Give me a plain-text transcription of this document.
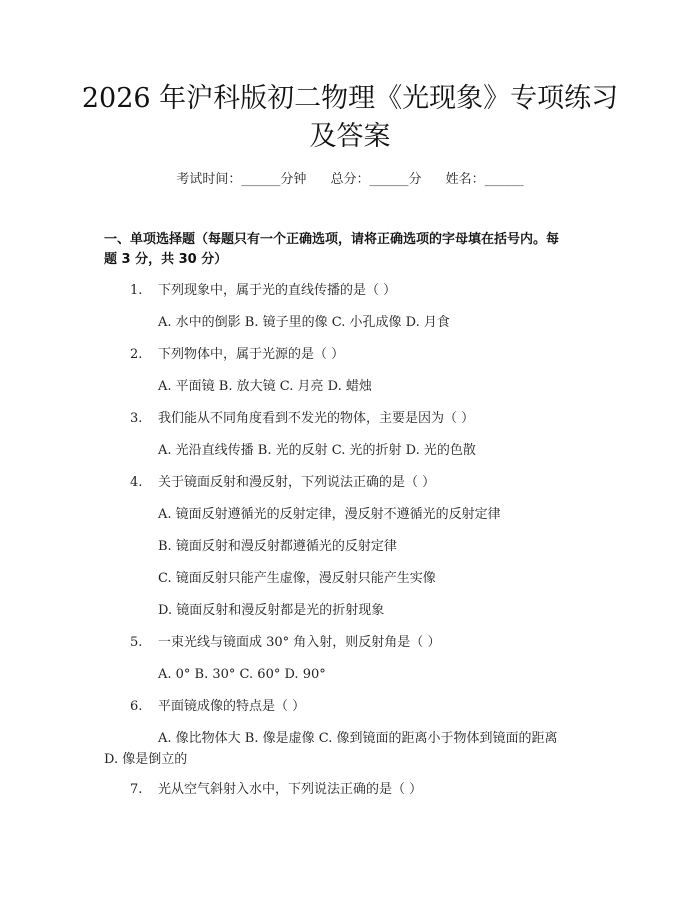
2026 年沪科版初二物理《光现象》专项练习
及答案
考试时间：______分钟 总分：______分 姓名：______
一、单项选择题（每题只有一个正确选项，请将正确选项的字母填在括号内。每
题 3 分，共 30 分）
1. 下列现象中，属于光的直线传播的是（ ）
A. 水中的倒影 B. 镜子里的像 C. 小孔成像 D. 月食
2. 下列物体中，属于光源的是（ ）
A. 平面镜 B. 放大镜 C. 月亮 D. 蜡烛
3. 我们能从不同角度看到不发光的物体，主要是因为（ ）
A. 光沿直线传播 B. 光的反射 C. 光的折射 D. 光的色散
4. 关于镜面反射和漫反射，下列说法正确的是（ ）
A. 镜面反射遵循光的反射定律，漫反射不遵循光的反射定律
B. 镜面反射和漫反射都遵循光的反射定律
C. 镜面反射只能产生虚像，漫反射只能产生实像
D. 镜面反射和漫反射都是光的折射现象
5. 一束光线与镜面成 30° 角入射，则反射角是（ ）
A. 0° B. 30° C. 60° D. 90°
6. 平面镜成像的特点是（ ）
A. 像比物体大 B. 像是虚像 C. 像到镜面的距离小于物体到镜面的距离
D. 像是倒立的
7. 光从空气斜射入水中，下列说法正确的是（ ）
